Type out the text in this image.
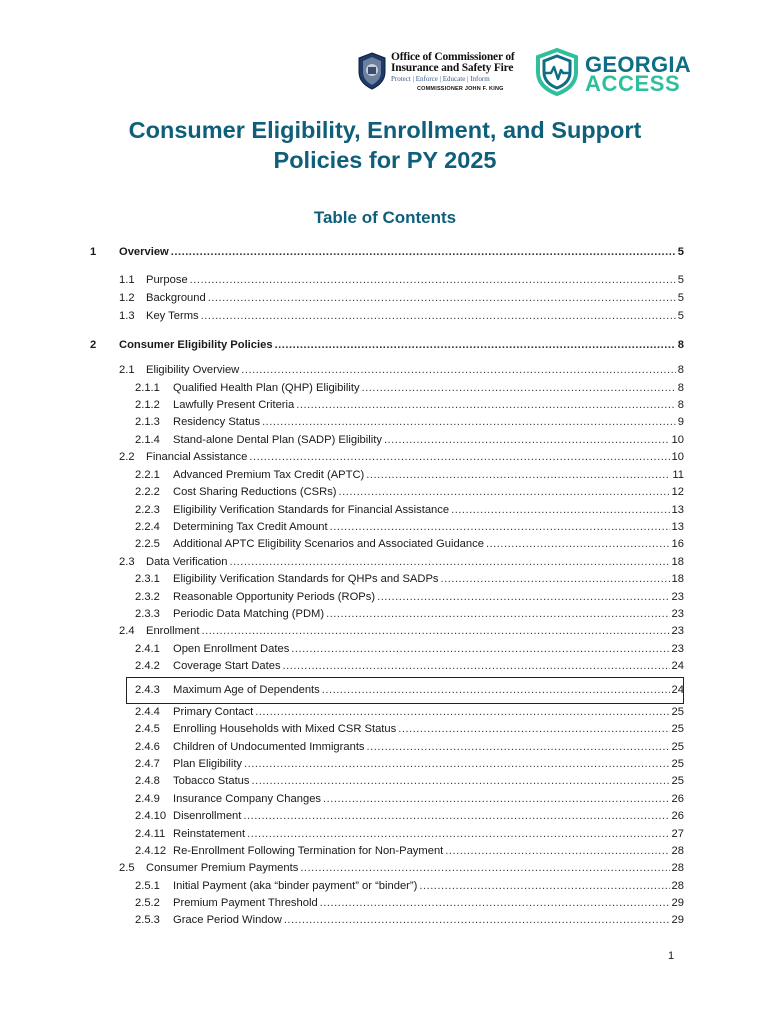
Office of Commissioner of
Insurance and Safety Fire
Protect | Enforce | Educate | Inform
COMMISSIONER JOHN F. KING
GEORGIA
ACCESS
Consumer Eligibility, Enrollment, and Support
Policies for PY 2025
Table of Contents
1	Overview .....	5
1.1	Purpose .....	5
1.2	Background .....	5
1.3	Key Terms .....	5
2	Consumer Eligibility Policies .....	8
2.1	Eligibility Overview .....	8
2.1.1	Qualified Health Plan (QHP) Eligibility .....	8
2.1.2	Lawfully Present Criteria .....	8
2.1.3	Residency Status .....	9
2.1.4	Stand-alone Dental Plan (SADP) Eligibility .....	10
2.2	Financial Assistance .....	10
2.2.1	Advanced Premium Tax Credit (APTC) .....	11
2.2.2	Cost Sharing Reductions (CSRs) .....	12
2.2.3	Eligibility Verification Standards for Financial Assistance .....	13
2.2.4	Determining Tax Credit Amount .....	13
2.2.5	Additional APTC Eligibility Scenarios and Associated Guidance .....	16
2.3	Data Verification .....	18
2.3.1	Eligibility Verification Standards for QHPs and SADPs .....	18
2.3.2	Reasonable Opportunity Periods (ROPs) .....	23
2.3.3	Periodic Data Matching (PDM) .....	23
2.4	Enrollment .....	23
2.4.1	Open Enrollment Dates .....	23
2.4.2	Coverage Start Dates .....	24
2.4.3	Maximum Age of Dependents .....	24
2.4.4	Primary Contact .....	25
2.4.5	Enrolling Households with Mixed CSR Status .....	25
2.4.6	Children of Undocumented Immigrants .....	25
2.4.7	Plan Eligibility .....	25
2.4.8	Tobacco Status .....	25
2.4.9	Insurance Company Changes .....	26
2.4.10 Disenrollment .....	26
2.4.11 Reinstatement .....	27
2.4.12 Re-Enrollment Following Termination for Non-Payment .....	28
2.5	Consumer Premium Payments .....	28
2.5.1	Initial Payment (aka “binder payment” or “binder”) .....	28
2.5.2	Premium Payment Threshold .....	29
2.5.3	Grace Period Window .....	29
1
